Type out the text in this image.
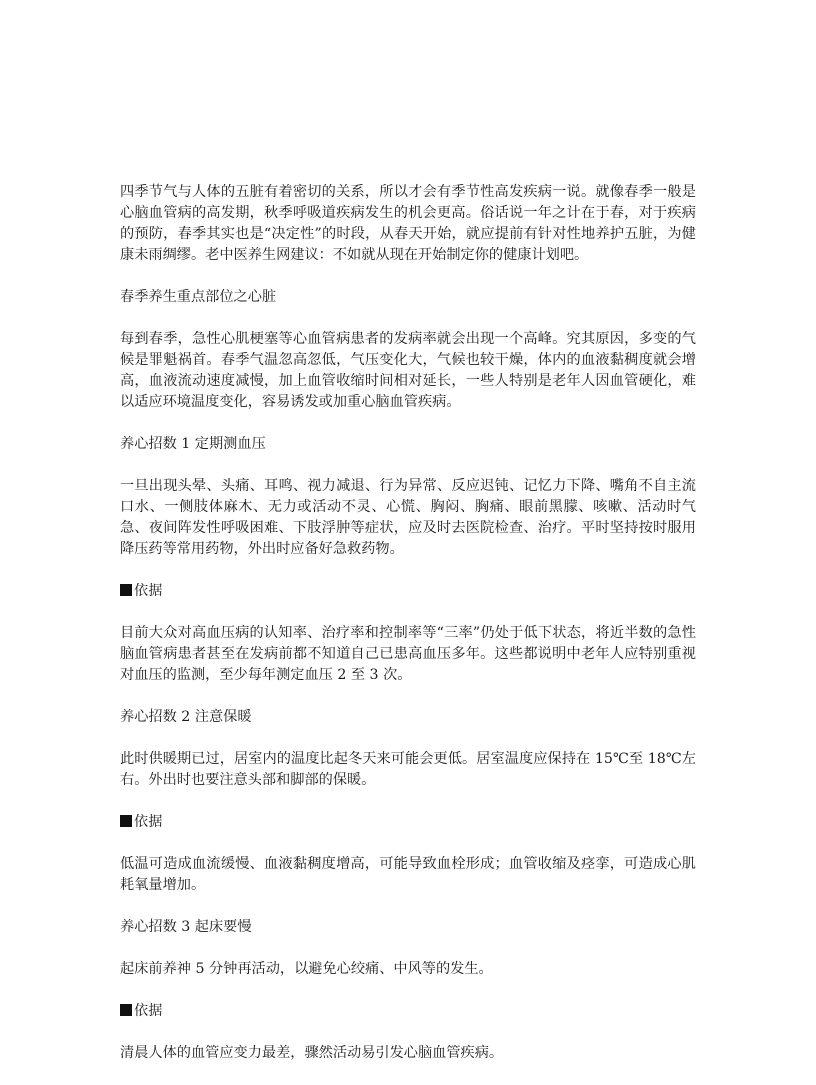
四季节气与人体的五脏有着密切的关系，所以才会有季节性高发疾病一说。就像春季一般是心脑血管病的高发期，秋季呼吸道疾病发生的机会更高。俗话说一年之计在于春，对于疾病的预防，春季其实也是“决定性”的时段，从春天开始，就应提前有针对性地养护五脏，为健康未雨绸缪。老中医养生网建议：不如就从现在开始制定你的健康计划吧。

春季养生重点部位之心脏

每到春季，急性心肌梗塞等心血管病患者的发病率就会出现一个高峰。究其原因，多变的气候是罪魁祸首。春季气温忽高忽低，气压变化大，气候也较干燥，体内的血液黏稠度就会增高，血液流动速度减慢，加上血管收缩时间相对延长，一些人特别是老年人因血管硬化，难以适应环境温度变化，容易诱发或加重心脑血管疾病。

养心招数 1 定期测血压

一旦出现头晕、头痛、耳鸣、视力减退、行为异常、反应迟钝、记忆力下降、嘴角不自主流口水、一侧肢体麻木、无力或活动不灵、心慌、胸闷、胸痛、眼前黑朦、咳嗽、活动时气急、夜间阵发性呼吸困难、下肢浮肿等症状，应及时去医院检查、治疗。平时坚持按时服用降压药等常用药物，外出时应备好急救药物。

依据

目前大众对高血压病的认知率、治疗率和控制率等“三率”仍处于低下状态，将近半数的急性脑血管病患者甚至在发病前都不知道自己已患高血压多年。这些都说明中老年人应特别重视对血压的监测，至少每年测定血压 2 至 3 次。

养心招数 2 注意保暖

此时供暖期已过，居室内的温度比起冬天来可能会更低。居室温度应保持在 15℃至 18℃左右。外出时也要注意头部和脚部的保暖。

依据

低温可造成血流缓慢、血液黏稠度增高，可能导致血栓形成；血管收缩及痉挛，可造成心肌耗氧量增加。

养心招数 3 起床要慢

起床前养神 5 分钟再活动，以避免心绞痛、中风等的发生。

依据

清晨人体的血管应变力最差，骤然活动易引发心脑血管疾病。
